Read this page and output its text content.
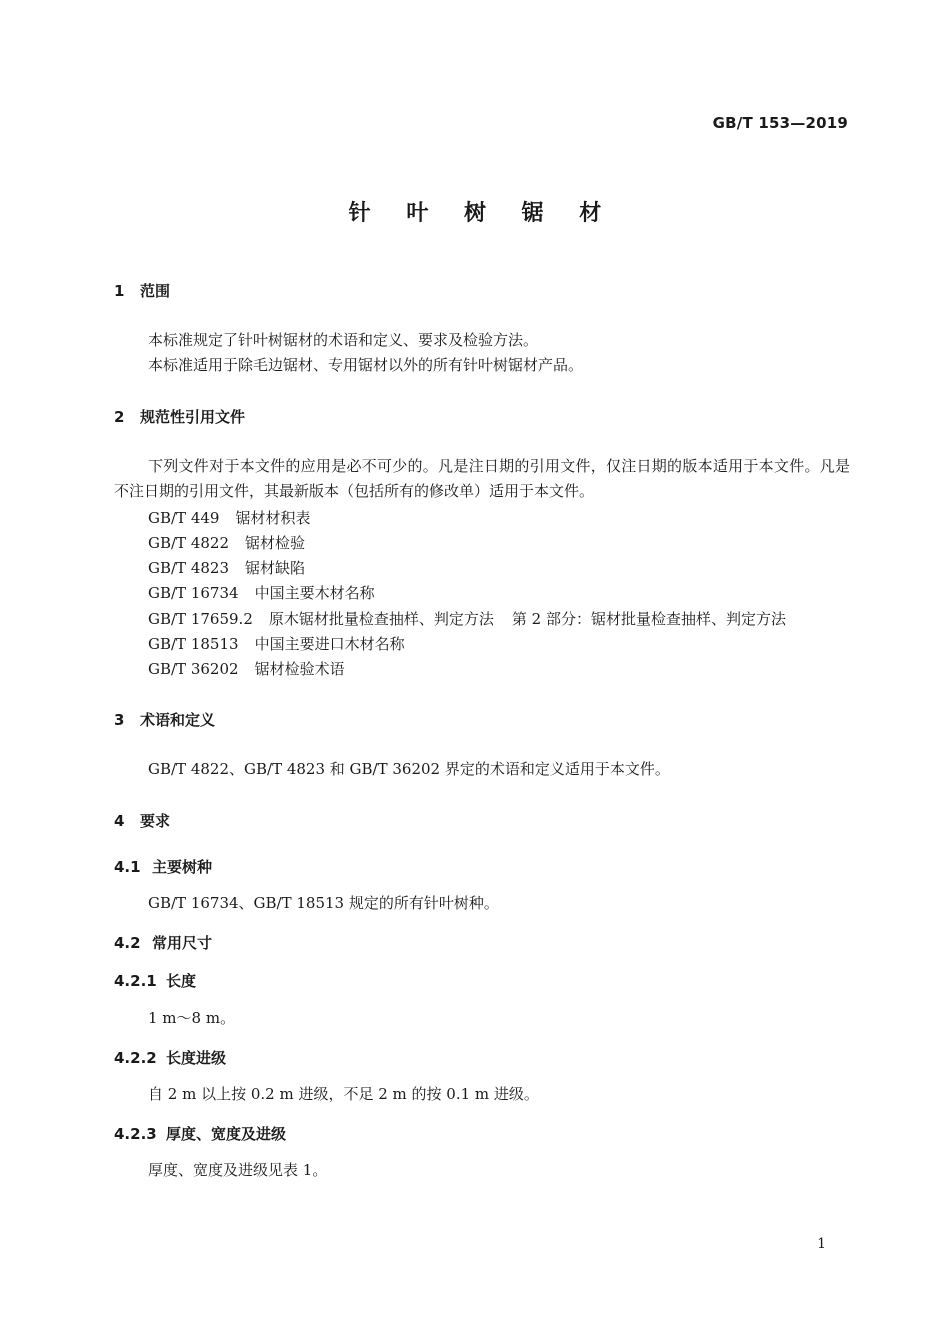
GB/T 153—2019
针 叶 树 锯 材
1 范围
本标准规定了针叶树锯材的术语和定义、要求及检验方法。
本标准适用于除毛边锯材、专用锯材以外的所有针叶树锯材产品。
2 规范性引用文件
下列文件对于本文件的应用是必不可少的。凡是注日期的引用文件，仅注日期的版本适用于本文件。凡是不注日期的引用文件，其最新版本（包括所有的修改单）适用于本文件。
GB/T 449 锯材材积表
GB/T 4822 锯材检验
GB/T 4823 锯材缺陷
GB/T 16734 中国主要木材名称
GB/T 17659.2 原木锯材批量检查抽样、判定方法 第 2 部分：锯材批量检查抽样、判定方法
GB/T 18513 中国主要进口木材名称
GB/T 36202 锯材检验术语
3 术语和定义
GB/T 4822、GB/T 4823 和 GB/T 36202 界定的术语和定义适用于本文件。
4 要求
4.1 主要树种
GB/T 16734、GB/T 18513 规定的所有针叶树种。
4.2 常用尺寸
4.2.1 长度
1 m～8 m。
4.2.2 长度进级
自 2 m 以上按 0.2 m 进级，不足 2 m 的按 0.1 m 进级。
4.2.3 厚度、宽度及进级
厚度、宽度及进级见表 1。
1
